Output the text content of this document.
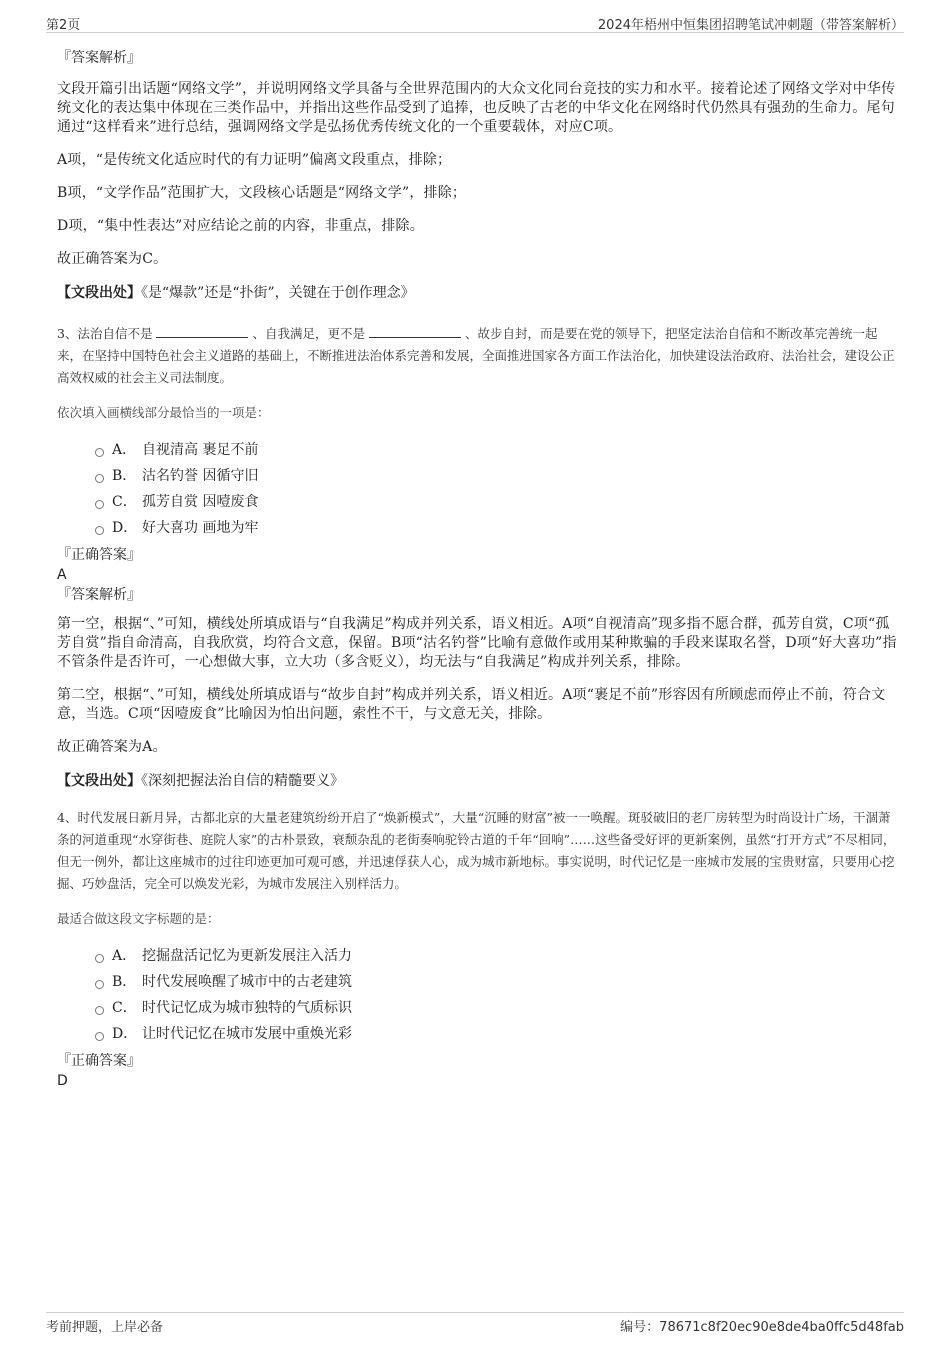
第2页	2024年梧州中恒集团招聘笔试冲刺题（带答案解析）
『答案解析』

文段开篇引出话题“网络文学”，并说明网络文学具备与全世界范围内的大众文化同台竞技的实力和水平。接着论述了网络文学对中华传统文化的表达集中体现在三类作品中，并指出这些作品受到了追捧，也反映了古老的中华文化在网络时代仍然具有强劲的生命力。尾句通过“这样看来”进行总结，强调网络文学是弘扬优秀传统文化的一个重要载体，对应C项。

A项，“是传统文化适应时代的有力证明”偏离文段重点，排除；

B项，“文学作品”范围扩大，文段核心话题是“网络文学”，排除；

D项，“集中性表达”对应结论之前的内容，非重点，排除。

故正确答案为C。

【文段出处】《是“爆款”还是“扑街”，关键在于创作理念》
3、法治自信不是	、自我满足，更不是	、故步自封，而是要在党的领导下，把坚定法治自信和不断改革完善统一起来，在坚持中国特色社会主义道路的基础上，不断推进法治体系完善和发展，全面推进国家各方面工作法治化，加快建设法治政府、法治社会，建设公正高效权威的社会主义司法制度。
依次填入画横线部分最恰当的一项是：
A． 自视清高 裹足不前
B． 沽名钓誉 因循守旧
C． 孤芳自赏 因噎废食
D． 好大喜功 画地为牢
『正确答案』
A
『答案解析』

第一空，根据“、”可知，横线处所填成语与“自我满足”构成并列关系，语义相近。A项“自视清高”现多指不愿合群，孤芳自赏，C项“孤芳自赏”指自命清高，自我欣赏，均符合文意，保留。B项“沽名钓誉”比喻有意做作或用某种欺骗的手段来谋取名誉，D项“好大喜功”指不管条件是否许可，一心想做大事，立大功（多含贬义），均无法与“自我满足”构成并列关系，排除。

第二空，根据“、”可知，横线处所填成语与“故步自封”构成并列关系，语义相近。A项“裹足不前”形容因有所顾虑而停止不前，符合文意，当选。C项“因噎废食”比喻因为怕出问题，索性不干，与文意无关，排除。

故正确答案为A。

【文段出处】《深刻把握法治自信的精髓要义》
4、时代发展日新月异，古都北京的大量老建筑纷纷开启了“焕新模式”，大量“沉睡的财富”被一一唤醒。斑驳破旧的老厂房转型为时尚设计广场，干涸萧条的河道重现“水穿街巷、庭院人家”的古朴景致，衰颓杂乱的老街奏响驼铃古道的千年“回响”……这些备受好评的更新案例，虽然“打开方式”不尽相同，但无一例外，都让这座城市的过往印迹更加可观可感，并迅速俘获人心，成为城市新地标。事实说明，时代记忆是一座城市发展的宝贵财富，只要用心挖掘、巧妙盘活，完全可以焕发光彩，为城市发展注入别样活力。
最适合做这段文字标题的是：
A． 挖掘盘活记忆为更新发展注入活力
B． 时代发展唤醒了城市中的古老建筑
C． 时代记忆成为城市独特的气质标识
D． 让时代记忆在城市发展中重焕光彩
『正确答案』
D
考前押题，上岸必备	编号：78671c8f20ec90e8de4ba0ffc5d48fab
